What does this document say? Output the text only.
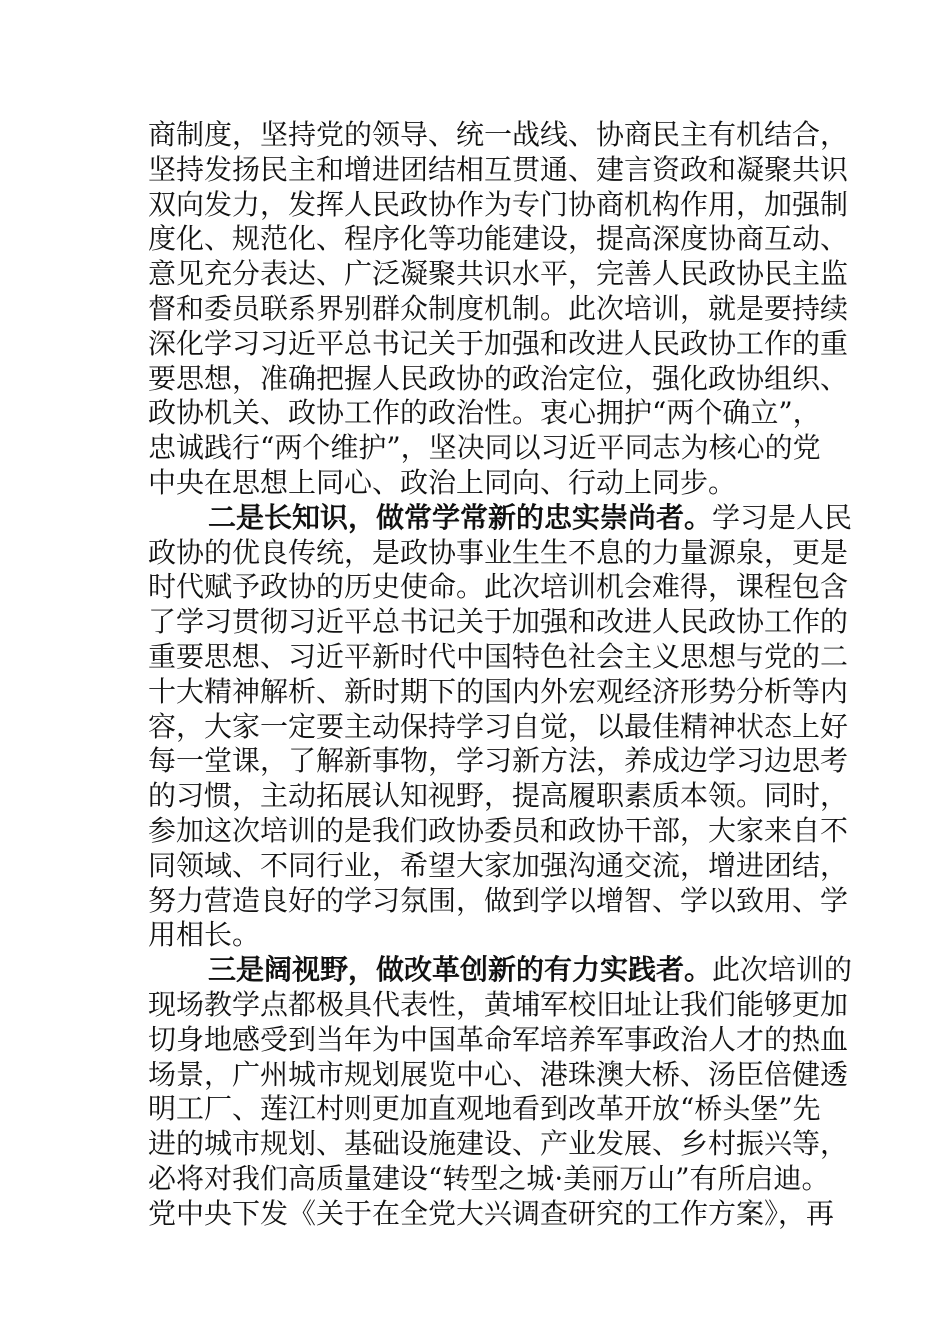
商制度，坚持党的领导、统一战线、协商民主有机结合，
坚持发扬民主和增进团结相互贯通、建言资政和凝聚共识
双向发力，发挥人民政协作为专门协商机构作用，加强制
度化、规范化、程序化等功能建设，提高深度协商互动、
意见充分表达、广泛凝聚共识水平，完善人民政协民主监
督和委员联系界别群众制度机制。此次培训，就是要持续
深化学习习近平总书记关于加强和改进人民政协工作的重
要思想，准确把握人民政协的政治定位，强化政协组织、
政协机关、政协工作的政治性。衷心拥护“两个确立”，
忠诚践行“两个维护”，坚决同以习近平同志为核心的党
中央在思想上同心、政治上同向、行动上同步。
二是长知识，做常学常新的忠实崇尚者。学习是人民
政协的优良传统，是政协事业生生不息的力量源泉，更是
时代赋予政协的历史使命。此次培训机会难得，课程包含
了学习贯彻习近平总书记关于加强和改进人民政协工作的
重要思想、习近平新时代中国特色社会主义思想与党的二
十大精神解析、新时期下的国内外宏观经济形势分析等内
容，大家一定要主动保持学习自觉，以最佳精神状态上好
每一堂课，了解新事物，学习新方法，养成边学习边思考
的习惯，主动拓展认知视野，提高履职素质本领。同时，
参加这次培训的是我们政协委员和政协干部，大家来自不
同领域、不同行业，希望大家加强沟通交流，增进团结，
努力营造良好的学习氛围，做到学以增智、学以致用、学
用相长。
三是阔视野，做改革创新的有力实践者。此次培训的
现场教学点都极具代表性，黄埔军校旧址让我们能够更加
切身地感受到当年为中国革命军培养军事政治人才的热血
场景，广州城市规划展览中心、港珠澳大桥、汤臣倍健透
明工厂、莲江村则更加直观地看到改革开放“桥头堡”先
进的城市规划、基础设施建设、产业发展、乡村振兴等，
必将对我们高质量建设“转型之城·美丽万山”有所启迪。
党中央下发《关于在全党大兴调查研究的工作方案》，再
